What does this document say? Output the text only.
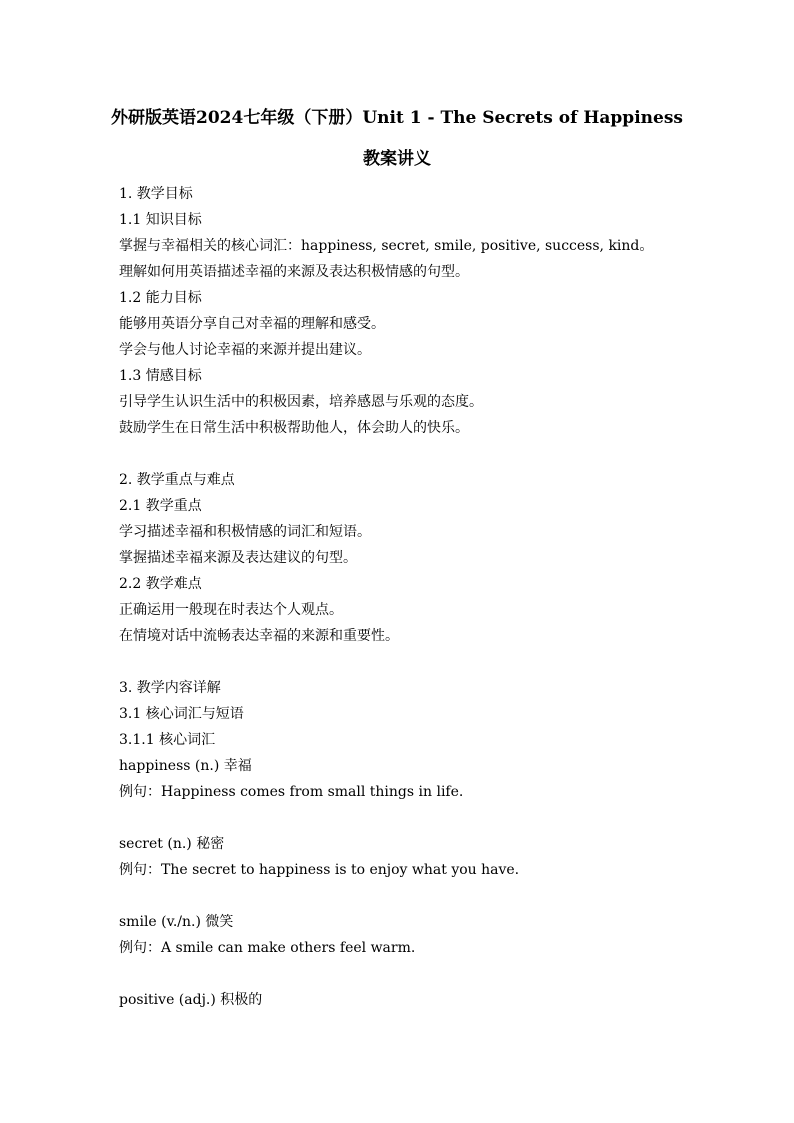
外研版英语2024七年级（下册）Unit 1 - The Secrets of Happiness
教案讲义
1. 教学目标
1.1 知识目标
掌握与幸福相关的核心词汇：happiness, secret, smile, positive, success, kind。
理解如何用英语描述幸福的来源及表达积极情感的句型。
1.2 能力目标
能够用英语分享自己对幸福的理解和感受。
学会与他人讨论幸福的来源并提出建议。
1.3 情感目标
引导学生认识生活中的积极因素，培养感恩与乐观的态度。
鼓励学生在日常生活中积极帮助他人，体会助人的快乐。
2. 教学重点与难点
2.1 教学重点
学习描述幸福和积极情感的词汇和短语。
掌握描述幸福来源及表达建议的句型。
2.2 教学难点
正确运用一般现在时表达个人观点。
在情境对话中流畅表达幸福的来源和重要性。
3. 教学内容详解
3.1 核心词汇与短语
3.1.1 核心词汇
happiness (n.) 幸福
例句：Happiness comes from small things in life.
secret (n.) 秘密
例句：The secret to happiness is to enjoy what you have.
smile (v./n.) 微笑
例句：A smile can make others feel warm.
positive (adj.) 积极的
